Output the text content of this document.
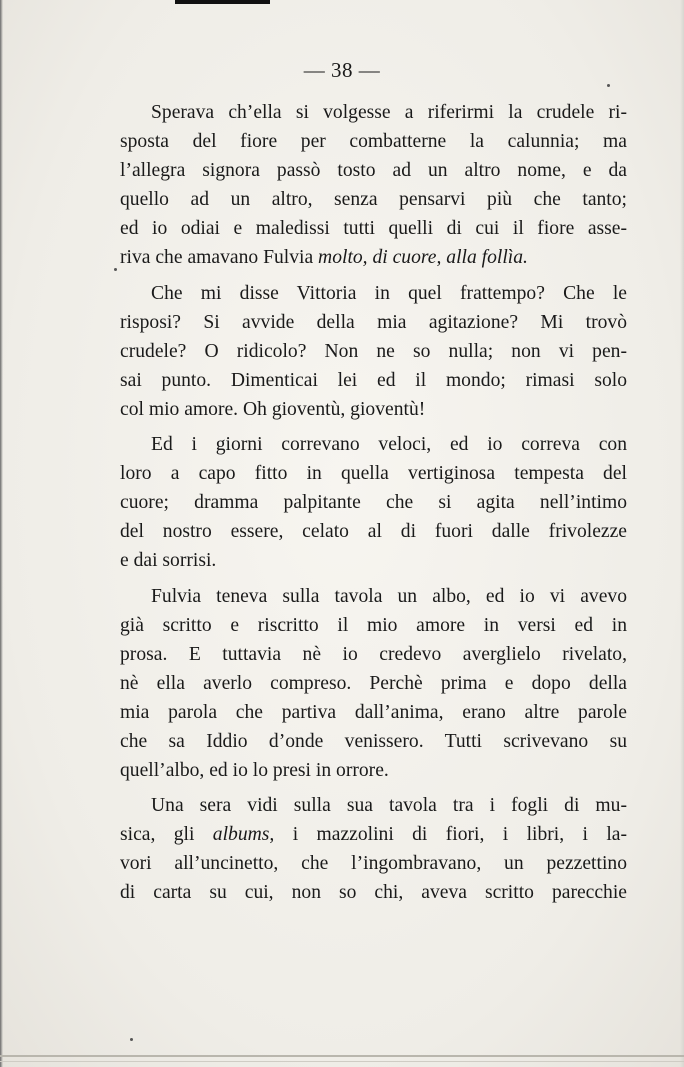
— 38 —
Sperava ch’ella si volgesse a riferirmi la crudele ri-
sposta del fiore per combatterne la calunnia; ma
l’allegra signora passò tosto ad un altro nome, e da
quello ad un altro, senza pensarvi più che tanto;
ed io odiai e maledissi tutti quelli di cui il fiore asse-
riva che amavano Fulvia molto, di cuore, alla follìa.
Che mi disse Vittoria in quel frattempo? Che le
risposi? Si avvide della mia agitazione? Mi trovò
crudele? O ridicolo? Non ne so nulla; non vi pen-
sai punto. Dimenticai lei ed il mondo; rimasi solo
col mio amore. Oh gioventù, gioventù!
Ed i giorni correvano veloci, ed io correva con
loro a capo fitto in quella vertiginosa tempesta del
cuore; dramma palpitante che si agita nell’intimo
del nostro essere, celato al di fuori dalle frivolezze
e dai sorrisi.
Fulvia teneva sulla tavola un albo, ed io vi avevo
già scritto e riscritto il mio amore in versi ed in
prosa. E tuttavia nè io credevo averglielo rivelato,
nè ella averlo compreso. Perchè prima e dopo della
mia parola che partiva dall’anima, erano altre parole
che sa Iddio d’onde venissero. Tutti scrivevano su
quell’albo, ed io lo presi in orrore.
Una sera vidi sulla sua tavola tra i fogli di mu-
sica, gli albums, i mazzolini di fiori, i libri, i la-
vori all’uncinetto, che l’ingombravano, un pezzettino
di carta su cui, non so chi, aveva scritto parecchie
